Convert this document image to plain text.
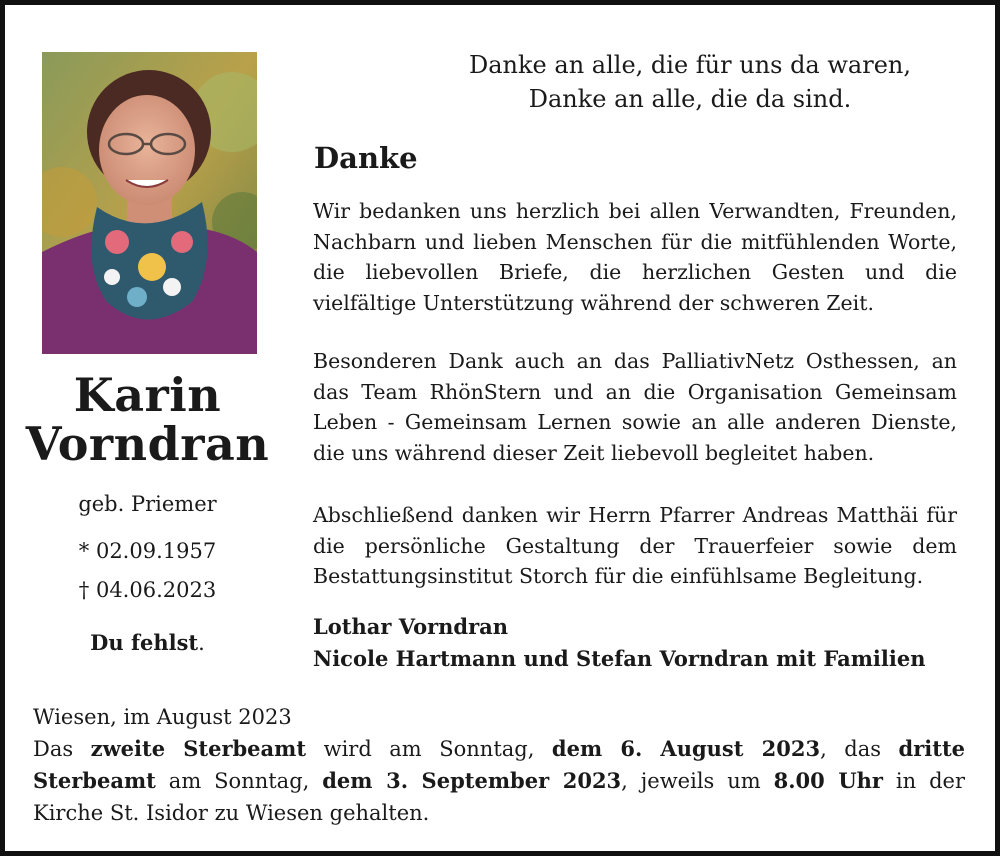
Karin
Vorndran
geb. Priemer
* 02.09.1957
† 04.06.2023
Du fehlst.
Danke an alle, die für uns da waren,
Danke an alle, die da sind.
Danke

Wir bedanken uns herzlich bei allen Verwandten, Freunden, Nachbarn und lieben Menschen für die mitfühlenden Worte, die liebevollen Briefe, die herzlichen Gesten und die vielfältige Unterstützung während der schweren Zeit.

Besonderen Dank auch an das PalliativNetz Osthessen, an das Team RhönStern und an die Organisation Gemeinsam Leben - Gemeinsam Lernen sowie an alle anderen Dienste, die uns während dieser Zeit liebevoll begleitet haben.

Abschließend danken wir Herrn Pfarrer Andreas Matthäi für die persönliche Gestaltung der Trauerfeier sowie dem Bestattungsinstitut Storch für die einfühlsame Begleitung.

Lothar Vorndran
Nicole Hartmann und Stefan Vorndran mit Familien

Wiesen, im August 2023

Das zweite Sterbeamt wird am Sonntag, dem 6. August 2023, das dritte Sterbeamt am Sonntag, dem 3. September 2023, jeweils um 8.00 Uhr in der Kirche St. Isidor zu Wiesen gehalten.
